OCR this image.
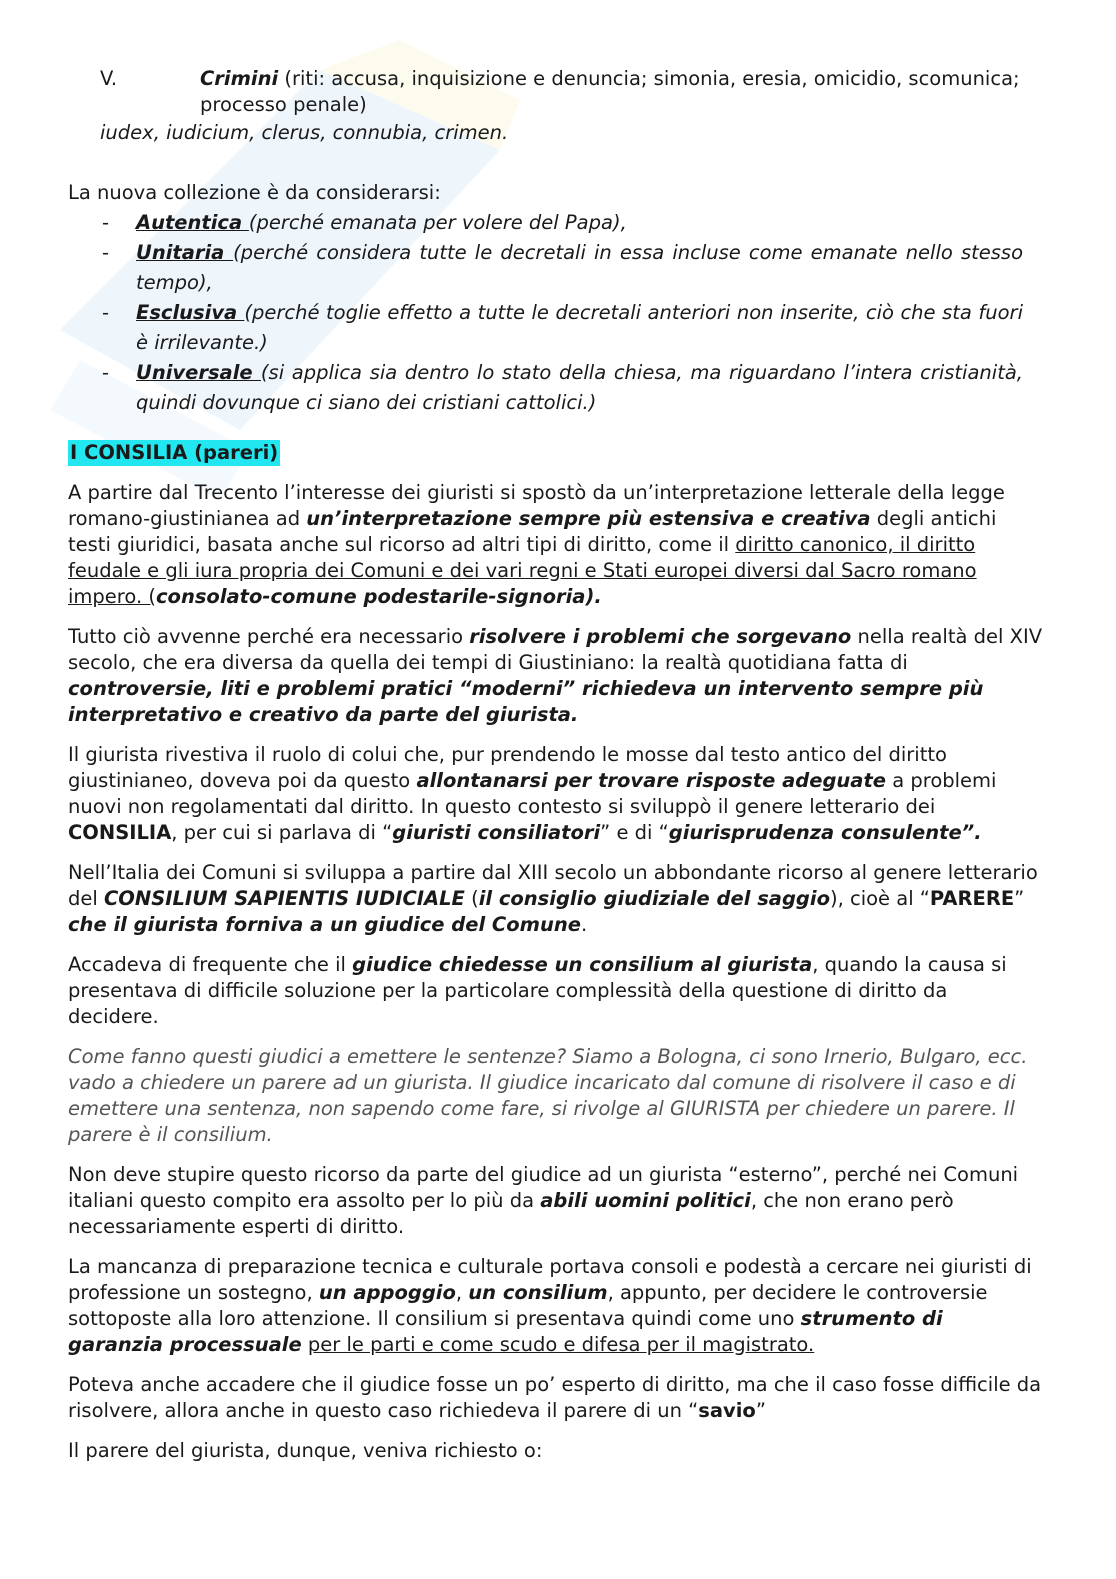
V.	Crimini (riti: accusa, inquisizione e denuncia; simonia, eresia, omicidio, scomunica; processo penale)

iudex, iudicium, clerus, connubia, crimen.

La nuova collezione è da considerarsi:

- Autentica (perché emanata per volere del Papa),
- Unitaria (perché considera tutte le decretali in essa incluse come emanate nello stesso tempo),
- Esclusiva (perché toglie effetto a tutte le decretali anteriori non inserite, ciò che sta fuori è irrilevante.)
- Universale (si applica sia dentro lo stato della chiesa, ma riguardano l’intera cristianità, quindi dovunque ci siano dei cristiani cattolici.)
I CONSILIA (pareri)

A partire dal Trecento l’interesse dei giuristi si spostò da un’interpretazione letterale della legge romano-giustinianea ad un’interpretazione sempre più estensiva e creativa degli antichi testi giuridici, basata anche sul ricorso ad altri tipi di diritto, come il diritto canonico, il diritto feudale e gli iura propria dei Comuni e dei vari regni e Stati europei diversi dal Sacro romano impero. (consolato-comune podestarile-signoria).

Tutto ciò avvenne perché era necessario risolvere i problemi che sorgevano nella realtà del XIV secolo, che era diversa da quella dei tempi di Giustiniano: la realtà quotidiana fatta di controversie, liti e problemi pratici “moderni” richiedeva un intervento sempre più interpretativo e creativo da parte del giurista.

Il giurista rivestiva il ruolo di colui che, pur prendendo le mosse dal testo antico del diritto giustinianeo, doveva poi da questo allontanarsi per trovare risposte adeguate a problemi nuovi non regolamentati dal diritto. In questo contesto si sviluppò il genere letterario dei CONSILIA, per cui si parlava di “giuristi consiliatori” e di “giurisprudenza consulente”.

Nell’Italia dei Comuni si sviluppa a partire dal XIII secolo un abbondante ricorso al genere letterario del CONSILIUM SAPIENTIS IUDICIALE (il consiglio giudiziale del saggio), cioè al “PARERE” che il giurista forniva a un giudice del Comune.

Accadeva di frequente che il giudice chiedesse un consilium al giurista, quando la causa si presentava di difficile soluzione per la particolare complessità della questione di diritto da decidere.

Come fanno questi giudici a emettere le sentenze? Siamo a Bologna, ci sono Irnerio, Bulgaro, ecc. vado a chiedere un parere ad un giurista. Il giudice incaricato dal comune di risolvere il caso e di emettere una sentenza, non sapendo come fare, si rivolge al GIURISTA per chiedere un parere. Il parere è il consilium.

Non deve stupire questo ricorso da parte del giudice ad un giurista “esterno”, perché nei Comuni italiani questo compito era assolto per lo più da abili uomini politici, che non erano però necessariamente esperti di diritto.

La mancanza di preparazione tecnica e culturale portava consoli e podestà a cercare nei giuristi di professione un sostegno, un appoggio, un consilium, appunto, per decidere le controversie sottoposte alla loro attenzione. Il consilium si presentava quindi come uno strumento di garanzia processuale per le parti e come scudo e difesa per il magistrato.

Poteva anche accadere che il giudice fosse un po’ esperto di diritto, ma che il caso fosse difficile da risolvere, allora anche in questo caso richiedeva il parere di un “savio”

Il parere del giurista, dunque, veniva richiesto o:
